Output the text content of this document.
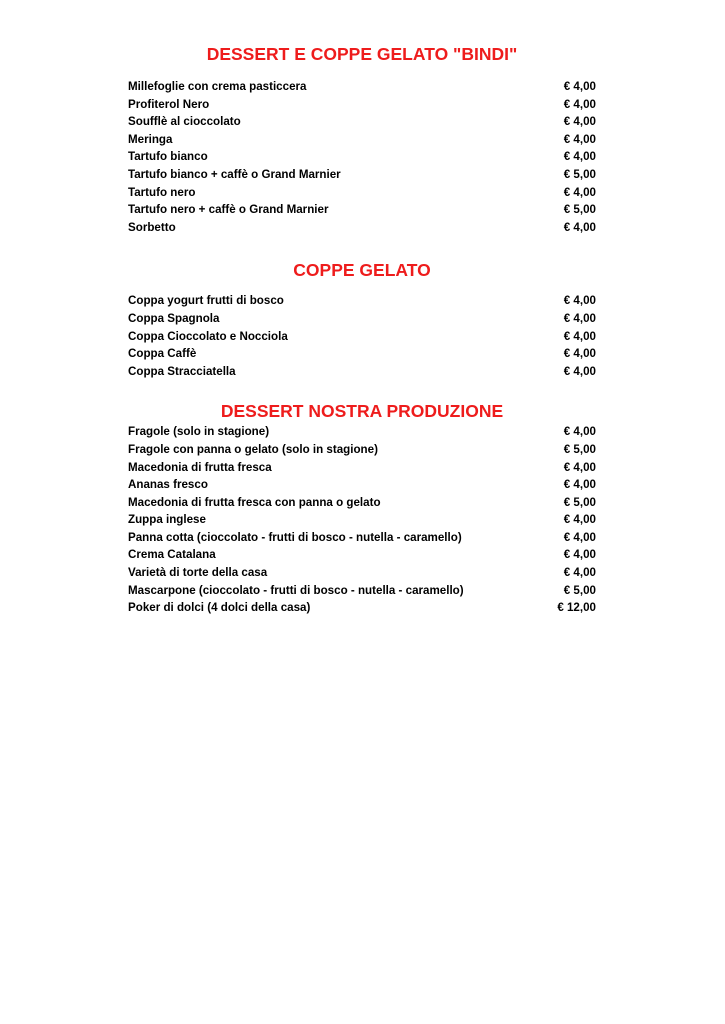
DESSERT E COPPE GELATO "BINDI"
Millefoglie con crema pasticcera	€ 4,00
Profiterol Nero	€ 4,00
Soufflè al cioccolato	€ 4,00
Meringa	€ 4,00
Tartufo bianco	€ 4,00
Tartufo bianco + caffè o Grand Marnier	€ 5,00
Tartufo nero	€ 4,00
Tartufo nero + caffè o Grand Marnier	€ 5,00
Sorbetto	€ 4,00
COPPE GELATO
Coppa yogurt frutti di bosco	€ 4,00
Coppa Spagnola	€ 4,00
Coppa Cioccolato e Nocciola	€ 4,00
Coppa Caffè	€ 4,00
Coppa Stracciatella	€ 4,00
DESSERT NOSTRA PRODUZIONE
Fragole (solo in stagione)	€ 4,00
Fragole con panna o gelato (solo in stagione)	€ 5,00
Macedonia di frutta fresca	€ 4,00
Ananas fresco	€ 4,00
Macedonia di frutta fresca con panna o gelato	€ 5,00
Zuppa inglese	€ 4,00
Panna cotta (cioccolato - frutti di bosco - nutella - caramello)	€ 4,00
Crema Catalana	€ 4,00
Varietà di torte della casa	€ 4,00
Mascarpone (cioccolato - frutti di bosco - nutella - caramello)	€ 5,00
Poker di dolci (4 dolci della casa)	€ 12,00
